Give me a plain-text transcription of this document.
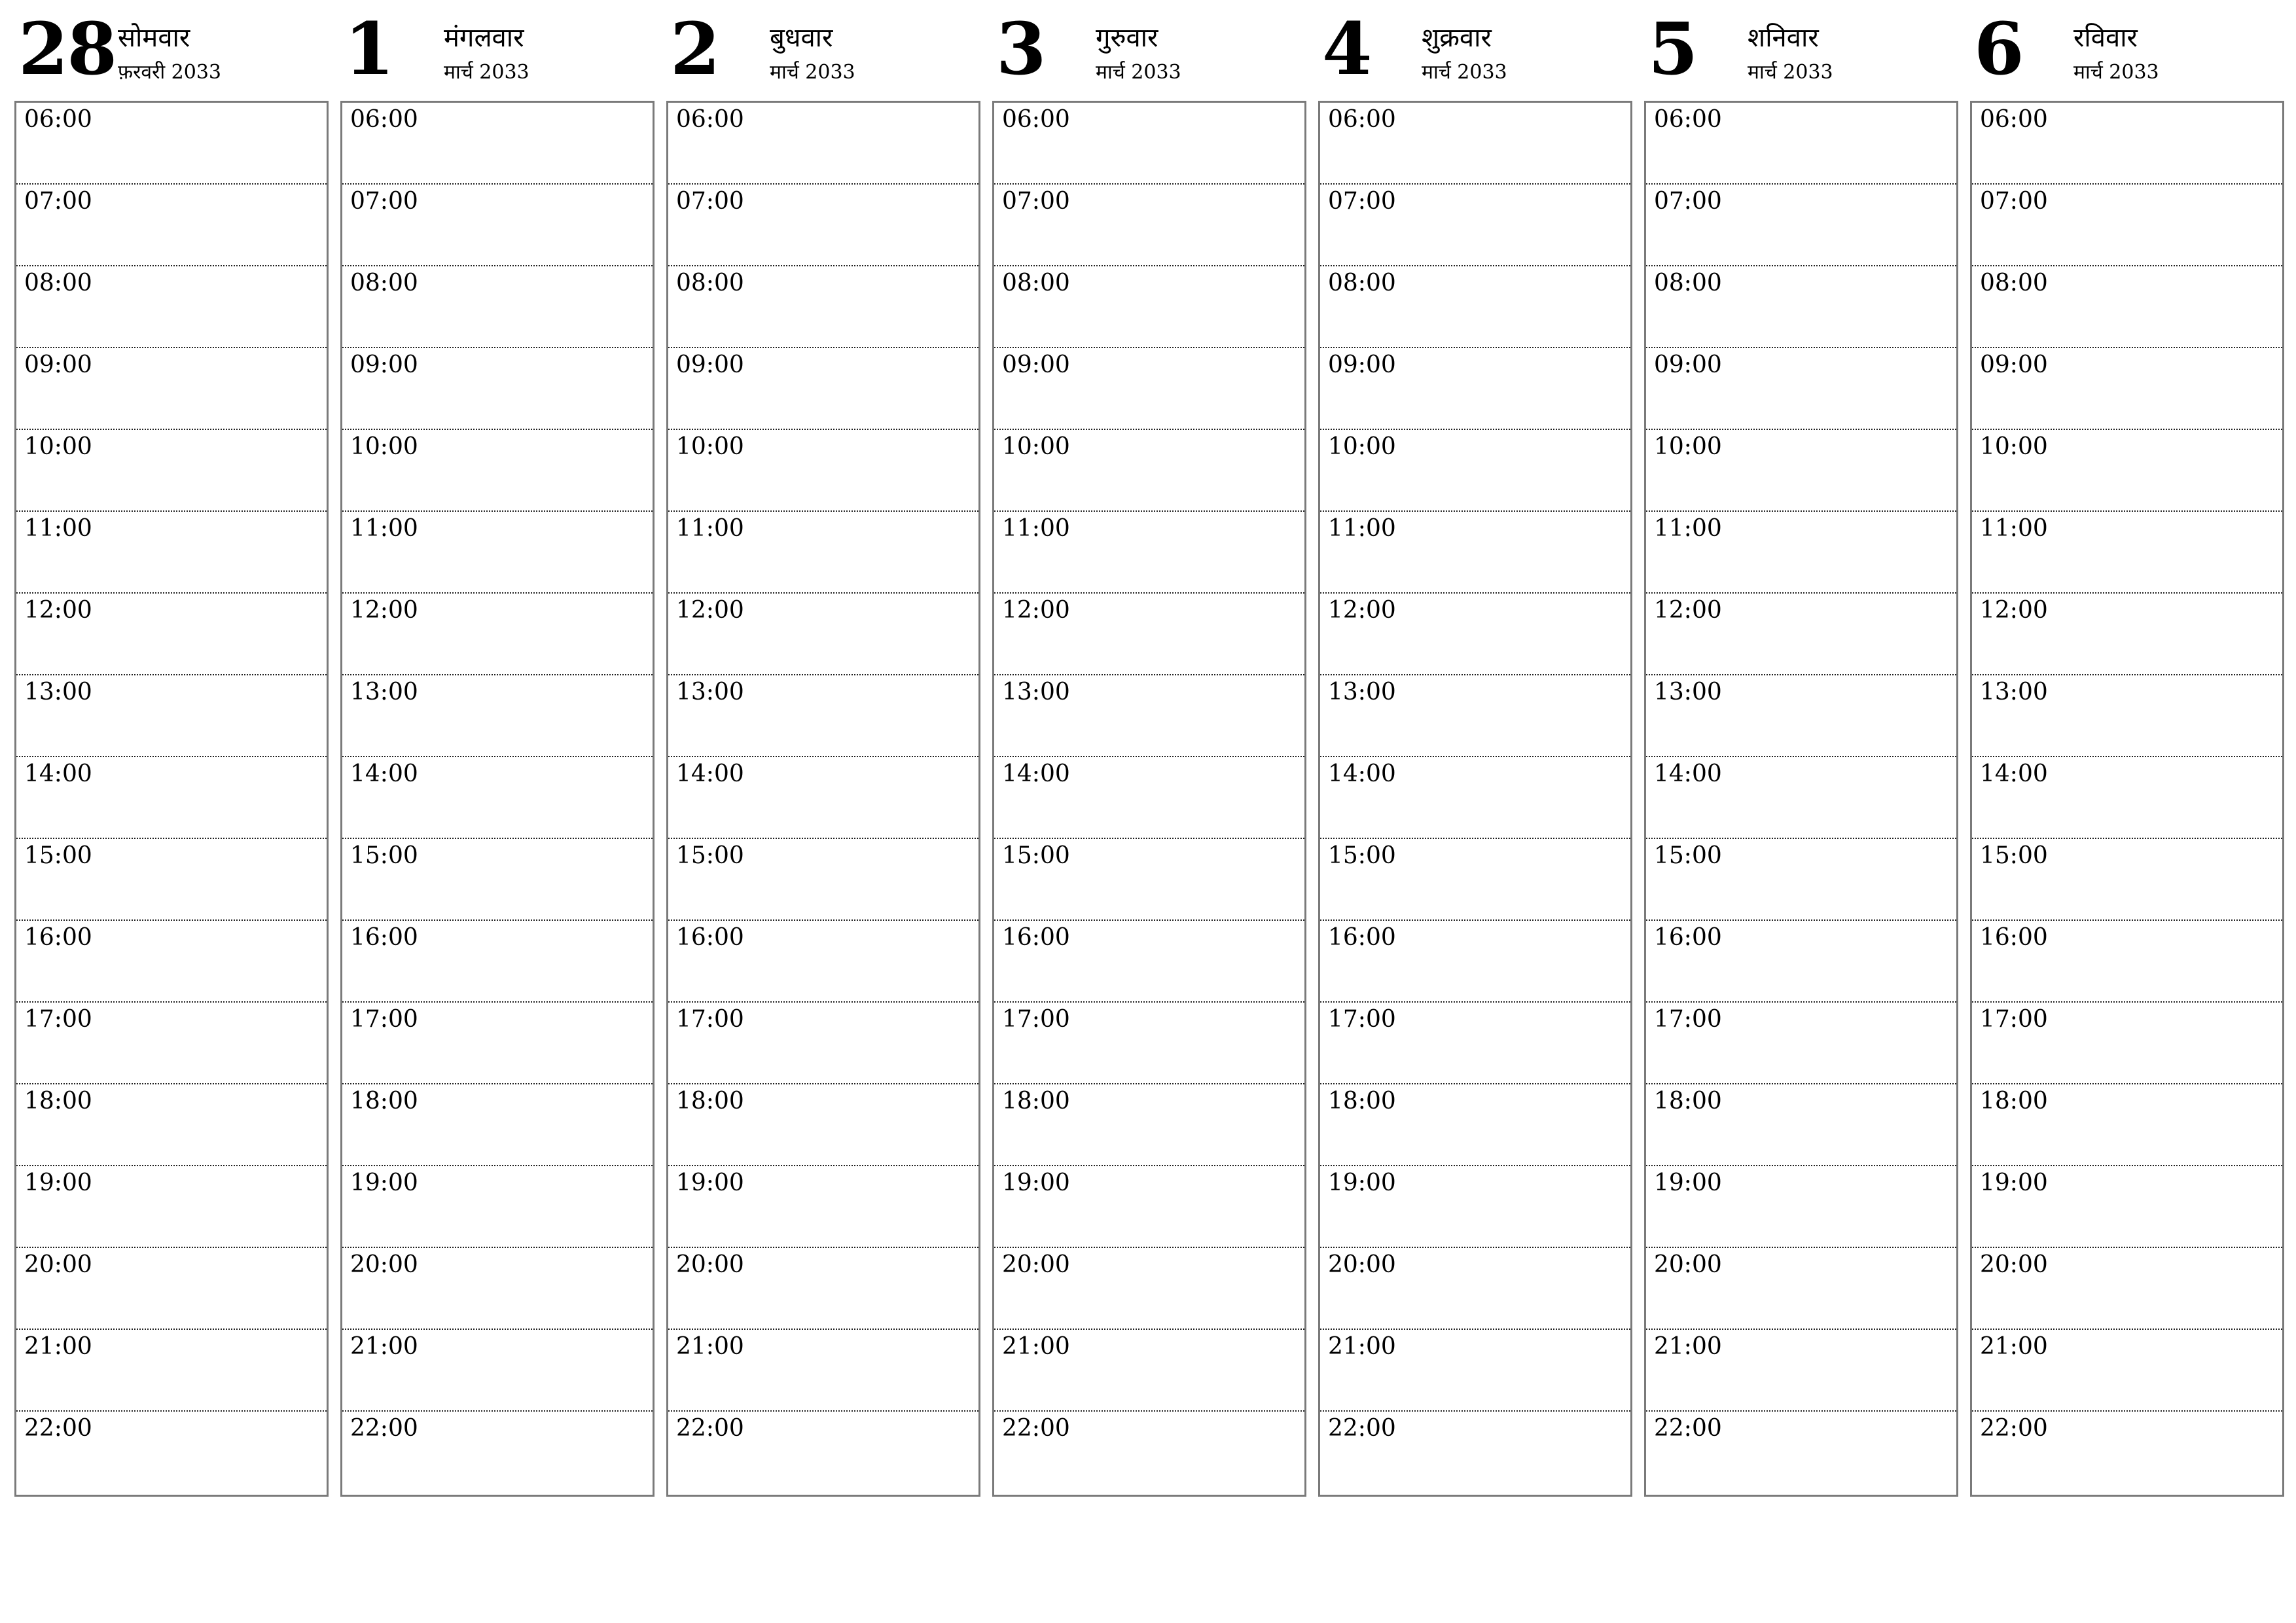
28 सोमवार
फ़रवरी 2033
06:00
07:00
08:00
09:00
10:00
11:00
12:00
13:00
14:00
15:00
16:00
17:00
18:00
19:00
20:00
21:00
22:00
1 मंगलवार
मार्च 2033
06:00
07:00
08:00
09:00
10:00
11:00
12:00
13:00
14:00
15:00
16:00
17:00
18:00
19:00
20:00
21:00
22:00
2 बुधवार
मार्च 2033
06:00
07:00
08:00
09:00
10:00
11:00
12:00
13:00
14:00
15:00
16:00
17:00
18:00
19:00
20:00
21:00
22:00
3 गुरुवार
मार्च 2033
06:00
07:00
08:00
09:00
10:00
11:00
12:00
13:00
14:00
15:00
16:00
17:00
18:00
19:00
20:00
21:00
22:00
4 शुक्रवार
मार्च 2033
06:00
07:00
08:00
09:00
10:00
11:00
12:00
13:00
14:00
15:00
16:00
17:00
18:00
19:00
20:00
21:00
22:00
5 शनिवार
मार्च 2033
06:00
07:00
08:00
09:00
10:00
11:00
12:00
13:00
14:00
15:00
16:00
17:00
18:00
19:00
20:00
21:00
22:00
6 रविवार
मार्च 2033
06:00
07:00
08:00
09:00
10:00
11:00
12:00
13:00
14:00
15:00
16:00
17:00
18:00
19:00
20:00
21:00
22:00
